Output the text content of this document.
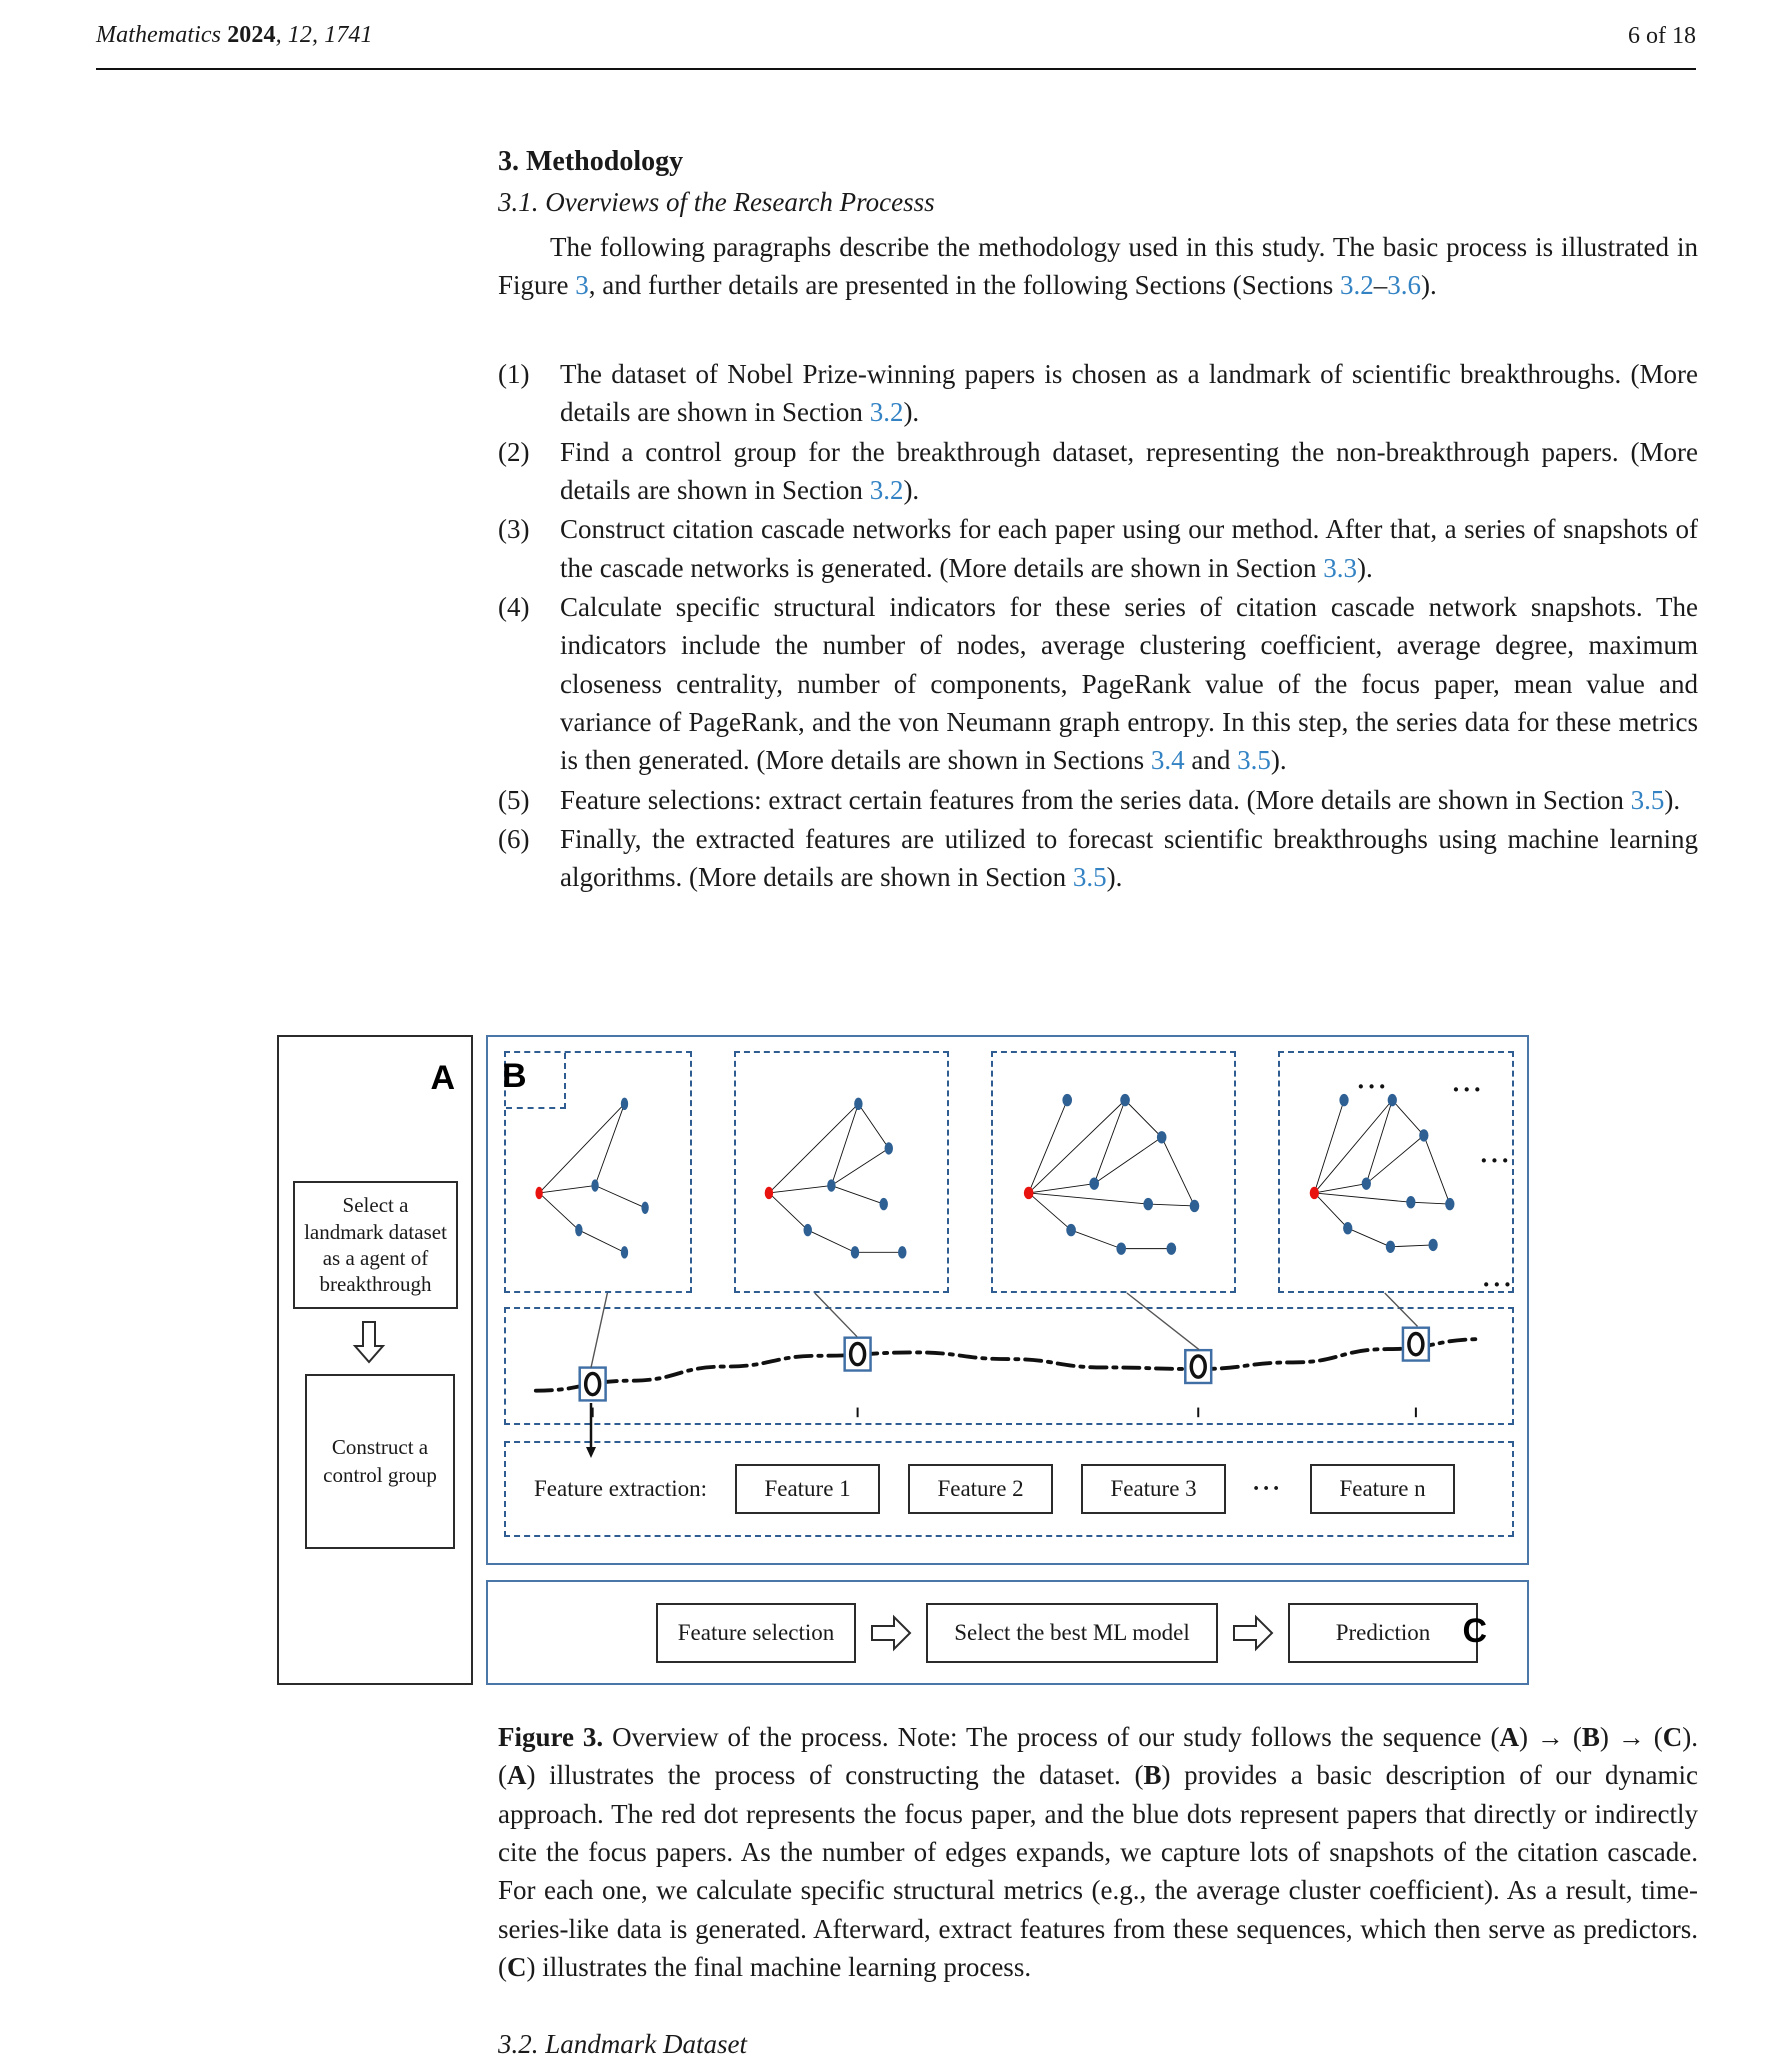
Mathematics 2024, 12, 1741	6 of 18
3. Methodology
3.1. Overviews of the Research Processs

The following paragraphs describe the methodology used in this study. The basic process is illustrated in Figure 3, and further details are presented in the following Sections (Sections 3.2–3.6).

(1)	The dataset of Nobel Prize-winning papers is chosen as a landmark of scientific breakthroughs. (More details are shown in Section 3.2).
(2)	Find a control group for the breakthrough dataset, representing the non-breakthrough papers. (More details are shown in Section 3.2).
(3)	Construct citation cascade networks for each paper using our method. After that, a series of snapshots of the cascade networks is generated. (More details are shown in Section 3.3).
(4)	Calculate specific structural indicators for these series of citation cascade network snapshots. The indicators include the number of nodes, average clustering coefficient, average degree, maximum closeness centrality, number of components, PageRank value of the focus paper, mean value and variance of PageRank, and the von Neumann graph entropy. In this step, the series data for these metrics is then generated. (More details are shown in Sections 3.4 and 3.5).
(5)	Feature selections: extract certain features from the series data. (More details are shown in Section 3.5).
(6)	Finally, the extracted features are utilized to forecast scientific breakthroughs using machine learning algorithms. (More details are shown in Section 3.5).
A
Select a landmark dataset as a agent of breakthrough
Construct a control group
B	··· ···
···
···
Feature extraction:	Feature 1	Feature 2	Feature 3	···	Feature n
Feature selection	Select the best ML model	Prediction C
Figure 3. Overview of the process. Note: The process of our study follows the sequence (A) → (B) → (C). (A) illustrates the process of constructing the dataset. (B) provides a basic description of our dynamic approach. The red dot represents the focus paper, and the blue dots represent papers that directly or indirectly cite the focus papers. As the number of edges expands, we capture lots of snapshots of the citation cascade. For each one, we calculate specific structural metrics (e.g., the average cluster coefficient). As a result, time-series-like data is generated. Afterward, extract features from these sequences, which then serve as predictors. (C) illustrates the final machine learning process.
3.2. Landmark Dataset
